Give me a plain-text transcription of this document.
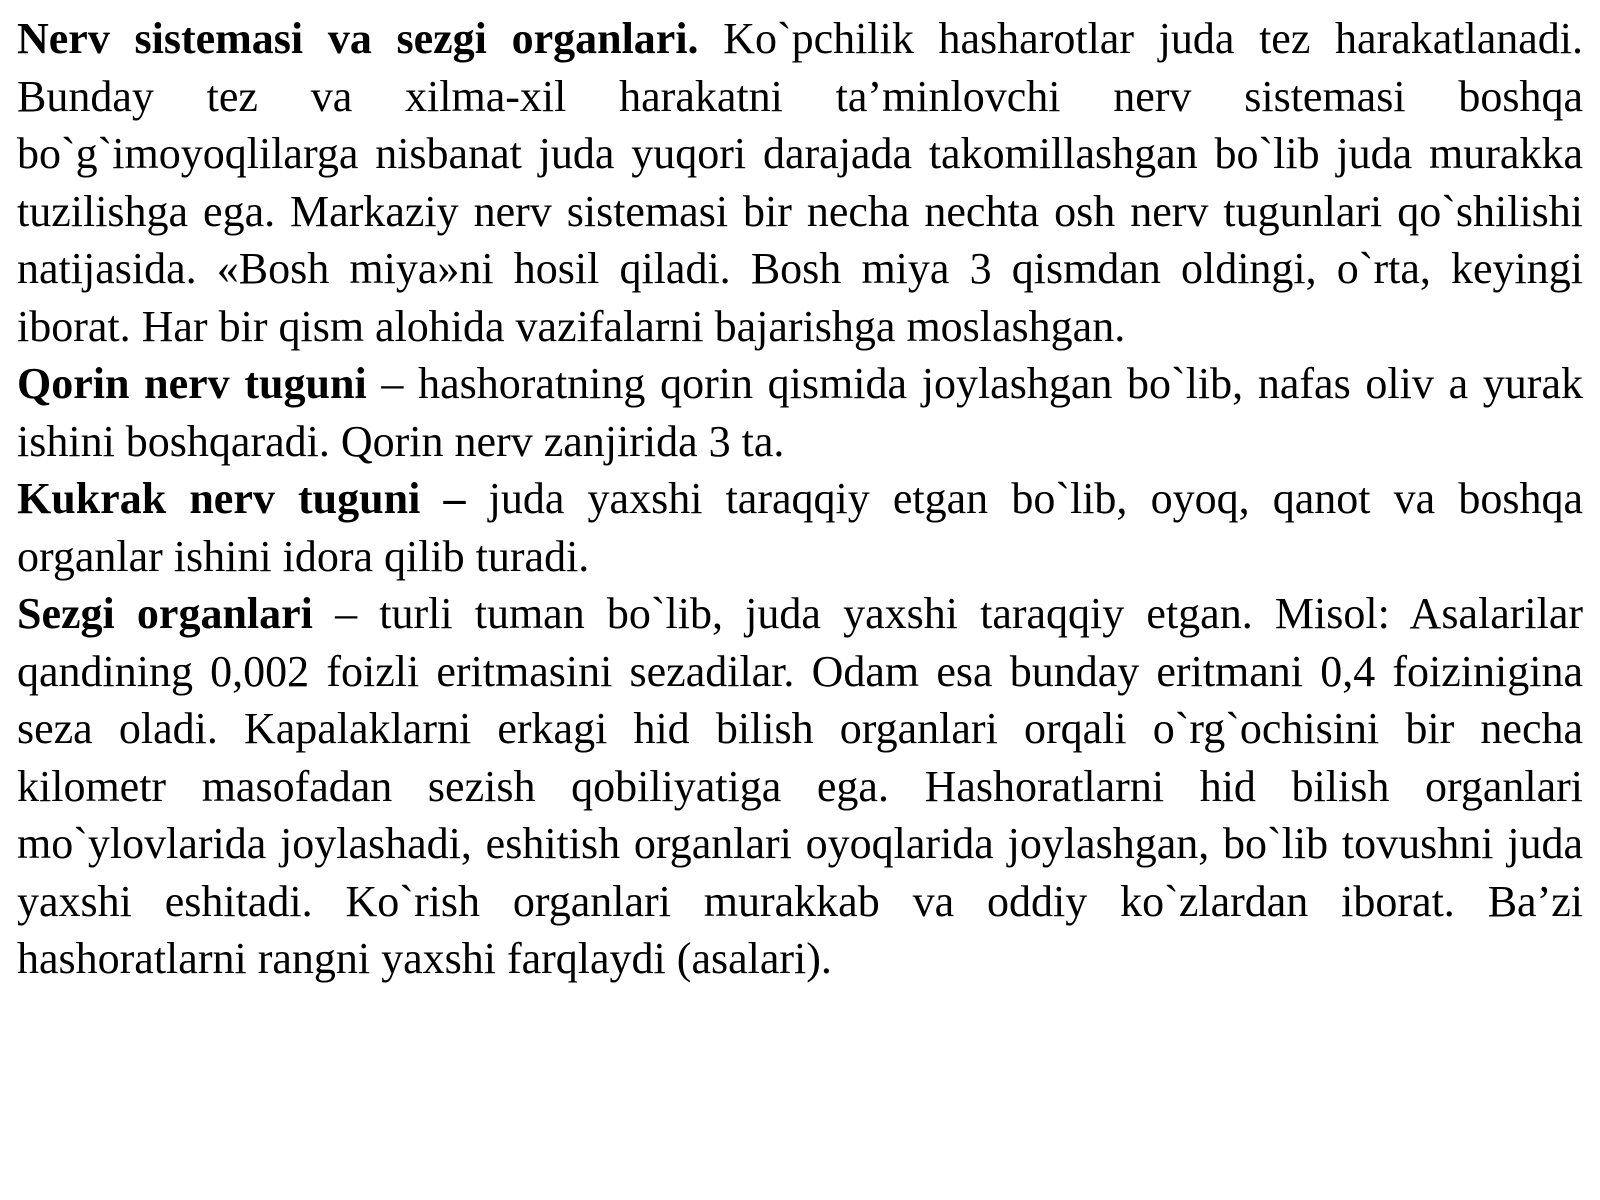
Nerv sistemasi va sezgi organlari. Ko`pchilik hasharotlar juda tez harakatlanadi. Bunday tez va xilma-xil harakatni ta’minlovchi nerv sistemasi boshqa bo`g`imoyoqlilarga nisbanat juda yuqori darajada takomillashgan bo`lib juda murakka tuzilishga ega. Markaziy nerv sistemasi bir necha nechta osh nerv tugunlari qo`shilishi natijasida. «Bosh miya»ni hosil qiladi. Bosh miya 3 qismdan oldingi, o`rta, keyingi iborat. Har bir qism alohida vazifalarni bajarishga moslashgan.

Qorin nerv tuguni – hashoratning qorin qismida joylashgan bo`lib, nafas oliv a yurak ishini boshqaradi. Qorin nerv zanjirida 3 ta.

Kukrak nerv tuguni – juda yaxshi taraqqiy etgan bo`lib, oyoq, qanot va boshqa organlar ishini idora qilib turadi.

Sezgi organlari – turli tuman bo`lib, juda yaxshi taraqqiy etgan. Misol: Asalarilar qandining 0,002 foizli eritmasini sezadilar. Odam esa bunday eritmani 0,4 foizinigina seza oladi. Kapalaklarni erkagi hid bilish organlari orqali o`rg`ochisini bir necha kilometr masofadan sezish qobiliyatiga ega. Hashoratlarni hid bilish organlari mo`ylovlarida joylashadi, eshitish organlari oyoqlarida joylashgan, bo`lib tovushni juda yaxshi eshitadi. Ko`rish organlari murakkab va oddiy ko`zlardan iborat. Ba’zi hashoratlarni rangni yaxshi farqlaydi (asalari).
